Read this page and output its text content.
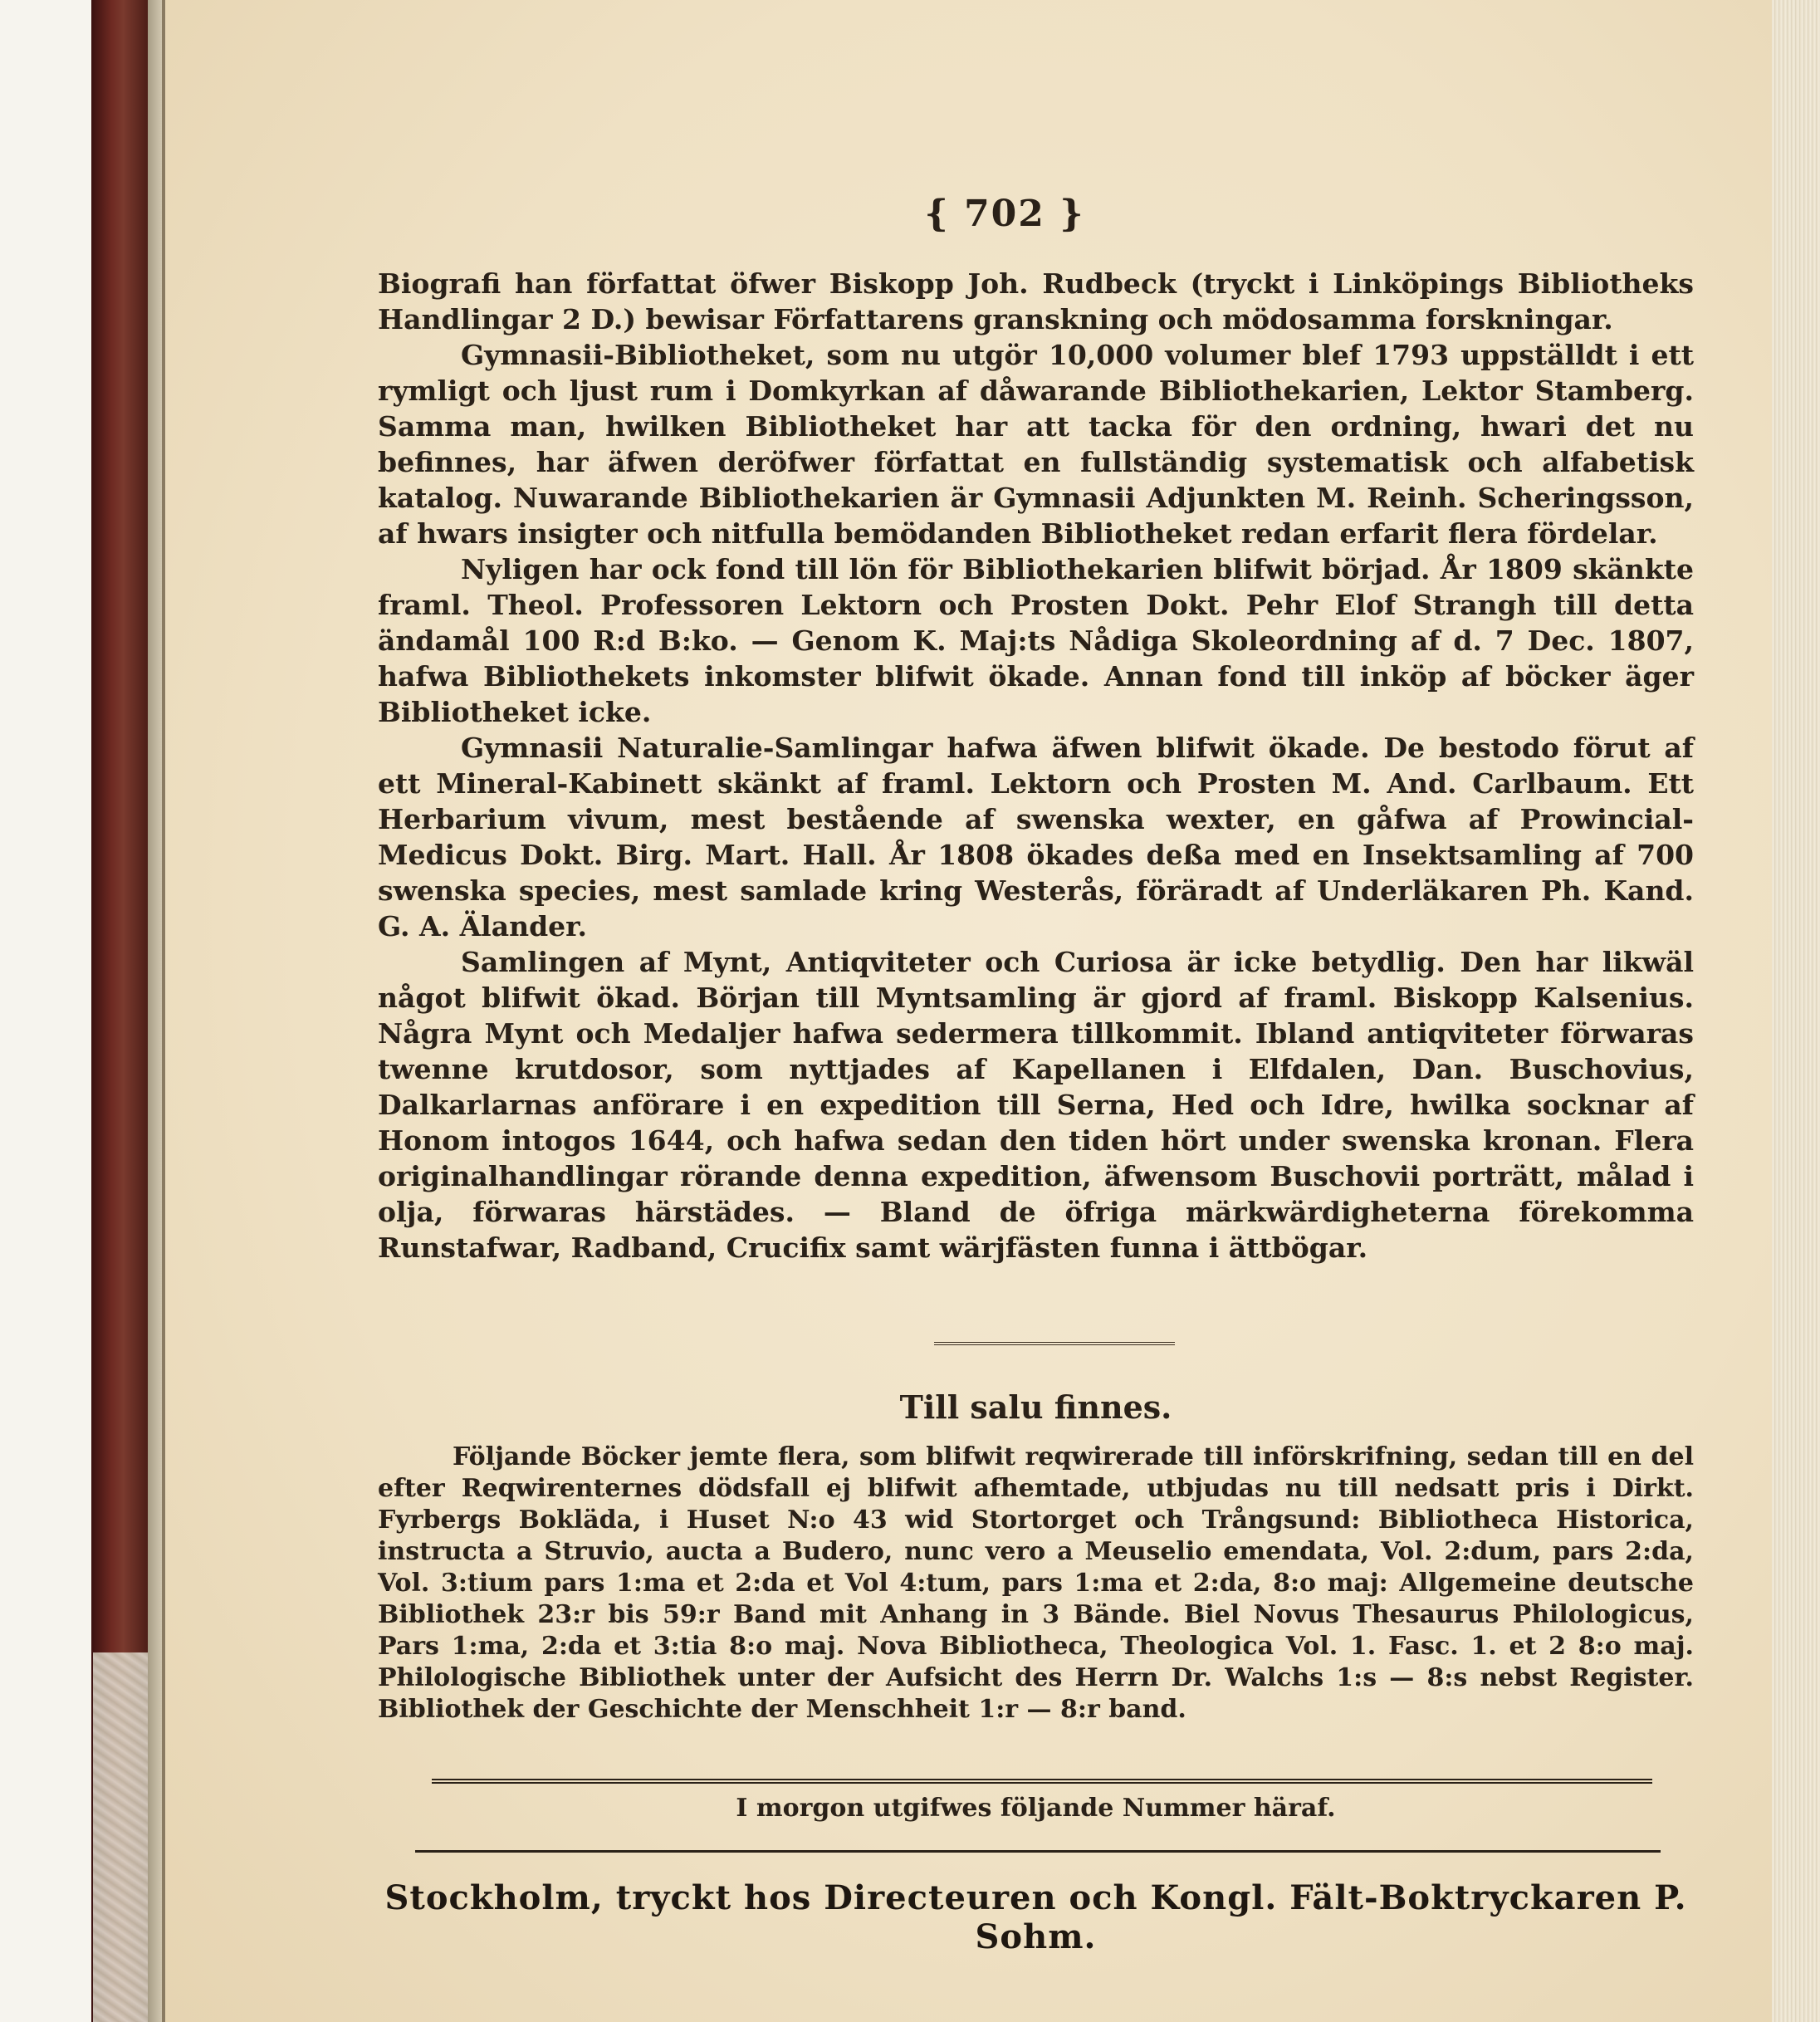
{ 702 }

Biografi han författat öfwer Biskopp Joh. Rudbeck (tryckt i Linköpings Bibliotheks Handlingar 2 D.) bewisar Författarens granskning och mödosamma forskningar.

Gymnasii-Bibliotheket, som nu utgör 10,000 volumer blef 1793 uppställdt i ett rymligt och ljust rum i Domkyrkan af dåwarande Bibliothekarien, Lektor Stamberg. Samma man, hwilken Bibliotheket har att tacka för den ordning, hwari det nu befinnes, har äfwen deröfwer författat en fullständig systematisk och alfabetisk katalog. Nuwarande Bibliothekarien är Gymnasii Adjunkten M. Reinh. Scheringsson, af hwars insigter och nitfulla bemödanden Bibliotheket redan erfarit flera fördelar.

Nyligen har ock fond till lön för Bibliothekarien blifwit börjad. År 1809 skänkte framl. Theol. Professoren Lektorn och Prosten Dokt. Pehr Elof Strangh till detta ändamål 100 R:d B:ko. — Genom K. Maj:ts Nådiga Skoleordning af d. 7 Dec. 1807, hafwa Bibliothekets inkomster blifwit ökade. Annan fond till inköp af böcker äger Bibliotheket icke.

Gymnasii Naturalie-Samlingar hafwa äfwen blifwit ökade. De bestodo förut af ett Mineral-Kabinett skänkt af framl. Lektorn och Prosten M. And. Carlbaum. Ett Herbarium vivum, mest bestående af swenska wexter, en gåfwa af Prowincial-Medicus Dokt. Birg. Mart. Hall. År 1808 ökades deßa med en Insektsamling af 700 swenska species, mest samlade kring Westerås, föräradt af Underläkaren Ph. Kand. G. A. Älander.

Samlingen af Mynt, Antiqviteter och Curiosa är icke betydlig. Den har likwäl något blifwit ökad. Början till Myntsamling är gjord af framl. Biskopp Kalsenius. Några Mynt och Medaljer hafwa sedermera tillkommit. Ibland antiqviteter förwaras twenne krutdosor, som nyttjades af Kapellanen i Elfdalen, Dan. Buschovius, Dalkarlarnas anförare i en expedition till Serna, Hed och Idre, hwilka socknar af Honom intogos 1644, och hafwa sedan den tiden hört under swenska kronan. Flera originalhandlingar rörande denna expedition, äfwensom Buschovii porträtt, målad i olja, förwaras härstädes. — Bland de öfriga märkwärdigheterna förekomma Runstafwar, Radband, Crucifix samt wärjfästen funna i ättbögar.

Till salu finnes.

Följande Böcker jemte flera, som blifwit reqwirerade till införskrifning, sedan till en del efter Reqwirenternes dödsfall ej blifwit afhemtade, utbjudas nu till nedsatt pris i Dirkt. Fyrbergs Bokläda, i Huset N:o 43 wid Stortorget och Trångsund: Bibliotheca Historica, instructa a Struvio, aucta a Budero, nunc vero a Meuselio emendata, Vol. 2:dum, pars 2:da, Vol. 3:tium pars 1:ma et 2:da et Vol 4:tum, pars 1:ma et 2:da, 8:o maj: Allgemeine deutsche Bibliothek 23:r bis 59:r Band mit Anhang in 3 Bände. Biel Novus Thesaurus Philologicus, Pars 1:ma, 2:da et 3:tia 8:o maj. Nova Bibliotheca, Theologica Vol. 1. Fasc. 1. et 2 8:o maj. Philologische Bibliothek unter der Aufsicht des Herrn Dr. Walchs 1:s — 8:s nebst Register. Bibliothek der Geschichte der Menschheit 1:r — 8:r band.

I morgon utgifwes följande Nummer häraf.
Stockholm, tryckt hos Directeuren och Kongl. Fält-Boktryckaren P. Sohm.
